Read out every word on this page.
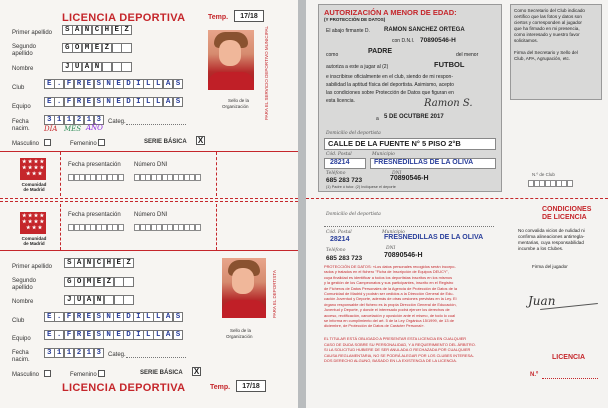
LICENCIA DEPORTIVA	Temp.	17/18
Primer apellido	S A N C H E Z
Segundo
apellido
G O M E Z
Nombre	J U A N
Club	E . F R E S N E D I L L A S
Equipo
E . F R E S N E D I L L A S
Fecha
nacim.
3 1 1 2 1 3
DÍA MES AÑO
Categ.
Masculino	Femenino	SERIE BÁSICA X
Sello de la
Organización	PARA EL SERVICIO DEPORTIVO MUNICIPAL
★ ★ ★ ★
★ ★ ★ ★
★ ★ ★
Comunidad
de Madrid
Fecha presentación Número DNI
★ ★ ★ ★
★ ★ ★ ★
★ ★ ★
Comunidad
de Madrid
Fecha presentación Número DNI
Primer apellido	S A N C H E Z
Segundo
apellido
G O M E Z
Nombre	J U A N
Club	E . F R E S N E D I L L A S
Equipo	E . F R E S N E D I L L A S
Fecha
nacim.
3 1 1 2 1 3	Categ.
Masculino	Femenino	SERIE BÁSICA X
Sello de la
Organización
PARA EL DEPORTISTA
LICENCIA DEPORTIVA	Temp.	17/18
AUTORIZACIÓN A MENOR DE EDAD:
(Y PROTECCIÓN DE DATOS)
El abajo firmante D. RAMON SANCHEZ ORTEGA
con D.N.I. 70890546-H
como	PADRE	del menor
autoriza a este a jugar al (2)	FUTBOL
e inscribirse oficialmente en el club, siendo de mi respon-
sabilidad la aptitud física del deportista. Asimismo, acepto
las condiciones sobre Protección de Datos que figuran en
esta licencia.	Ramon S.
a 5 DE OCUTBRE 2017
Domicilio del deportista
CALLE DE LA FUENTE N° 5 PISO 2°B
Cód. Postal	Municipio
28214	FRESNEDILLAS DE LA OLIVA
Teléfono	DNI
685 283 723	70890546-H
(1) Padre ó tutor. (2) Indíquese el deporte
Como Secretario del Club indicado
certifico que las fotos y datos son
ciertos y corresponden al jugador
que ha firmado en mi presencia,
como interesado y nuestro favor
solicitamos.
Firma del Secretario y Sello del
Club, APA, Agrupación, etc.
N.º de Club
Domicilio del deportista
Cód. Postal	Municipio
28214	FRESNEDILLAS DE LA OLIVA
Teléfono	DNI
685 283 723	70890546-H
PROTECCIÓN DE DATOS: «Los datos personales recogidos serán incorpo-
rados y tratados en el fichero "Ficha de Inscripción de Equipos DEUCY",
cuya finalidad es identificar a todos los deportistas inscritos en los mismos
y la gestión de los Campeonatos y sus participantes, inscrito en el Registro
de Ficheros de Datos Personales de la Agencia de Protección de Datos de la
Comunidad de Madrid y podrán ser cedidos a la Dirección General de Edu-
cación Juventud y Deporte, además de otras cesiones previstas en la Ley. El
órgano responsable del fichero es la propia Dirección General de Educación,
Juventud y Deporte, y donde el interesado podrá ejercer los derechos de
acceso, rectificación, cancelación y oposición ante el mismo, de todo lo cual
se informa en cumplimiento del art. 5 de la Ley Orgánica 15/1999, de 13 de
diciembre, de Protección de Datos de Carácter Personal».
EL TITULAR ESTÁ OBLIGADO A PRESENTAR ESTA LICENCIA EN CUALQUIER
CASO DE DUDA SOBRE SU PERSONALIDAD, Y A REQUERIMIENTO DEL ÁRBITRO.
SI LA SOLICITUD HUBIERE DE SER ANULADA O RECHAZADA POR CUALQUIER
CAUSA REGLAMENTARIA, NO SE PODRÁ ALEGAR POR LOS CLUBES INTERESA-
DOS DERECHO ALGUNO, BASADO EN LA EXISTENCIA DE LA LICENCIA.
CONDICIONES
DE LICENCIA
No convalida vicios de nulidad ni
confirma alineaciones antirregla-
mentarias, cuya responsabilidad
incumbe a los Clubes.
Firma del jugador
Juan
LICENCIA
N.º
